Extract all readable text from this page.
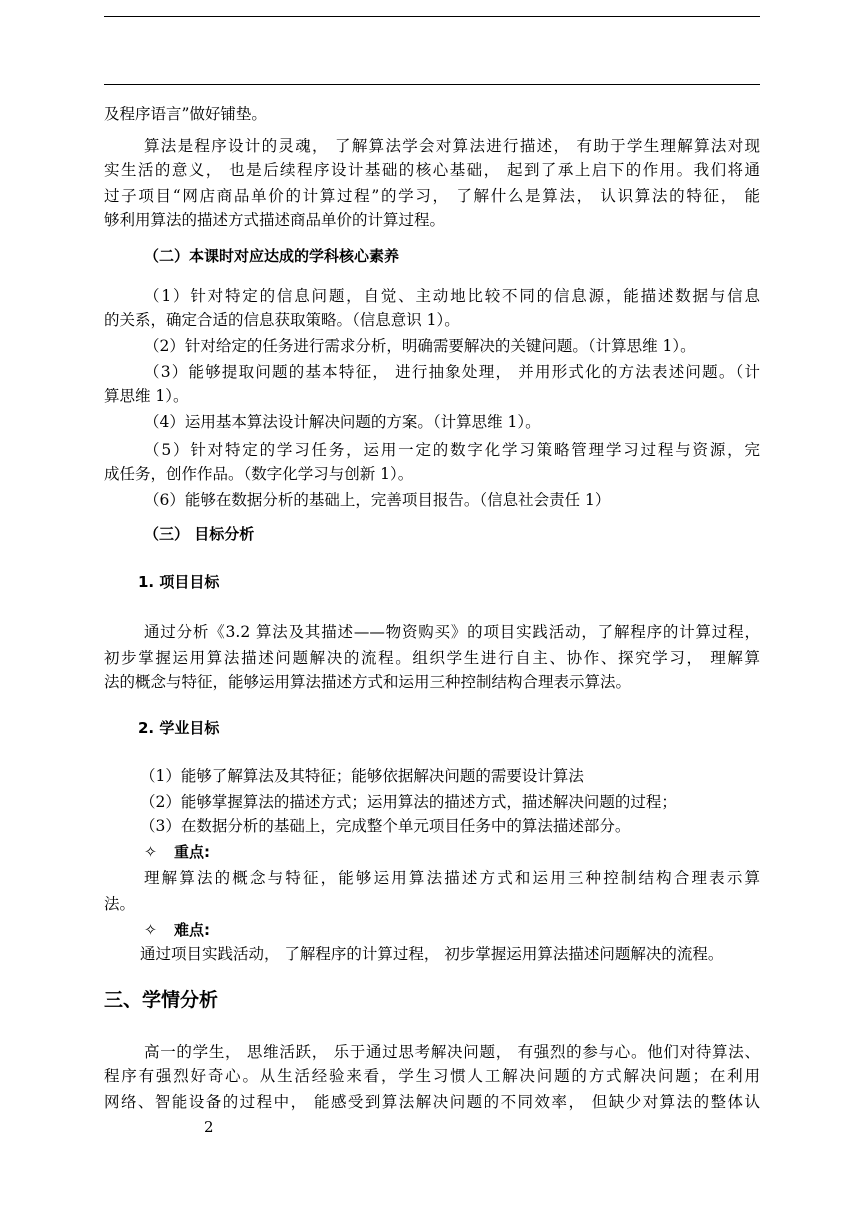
及程序语言”做好铺垫。
算法是程序设计的灵魂， 了解算法学会对算法进行描述， 有助于学生理解算法对现
实生活的意义， 也是后续程序设计基础的核心基础， 起到了承上启下的作用。我们将通
过子项目“网店商品单价的计算过程”的学习， 了解什么是算法， 认识算法的特征， 能
够利用算法的描述方式描述商品单价的计算过程。
（二）本课时对应达成的学科核心素养
（1）针对特定的信息问题，自觉、主动地比较不同的信息源，能描述数据与信息
的关系，确定合适的信息获取策略。（信息意识 1）。
（2）针对给定的任务进行需求分析，明确需要解决的关键问题。（计算思维 1）。
（3）能够提取问题的基本特征， 进行抽象处理， 并用形式化的方法表述问题。（计
算思维 1）。
（4）运用基本算法设计解决问题的方案。（计算思维 1）。
（5）针对特定的学习任务，运用一定的数字化学习策略管理学习过程与资源，完
成任务，创作作品。（数字化学习与创新 1）。
（6）能够在数据分析的基础上，完善项目报告。（信息社会责任 1）
（三） 目标分析
1. 项目目标
通过分析《3.2 算法及其描述——物资购买》的项目实践活动，了解程序的计算过程，
初步掌握运用算法描述问题解决的流程。组织学生进行自主、协作、探究学习， 理解算
法的概念与特征，能够运用算法描述方式和运用三种控制结构合理表示算法。
2. 学业目标
（1）能够了解算法及其特征；能够依据解决问题的需要设计算法
（2）能够掌握算法的描述方式；运用算法的描述方式，描述解决问题的过程；
（3）在数据分析的基础上，完成整个单元项目任务中的算法描述部分。
✧ 重点:
理解算法的概念与特征，能够运用算法描述方式和运用三种控制结构合理表示算
法。
✧ 难点:
通过项目实践活动， 了解程序的计算过程， 初步掌握运用算法描述问题解决的流程。
三、学情分析
高一的学生， 思维活跃， 乐于通过思考解决问题， 有强烈的参与心。他们对待算法、
程序有强烈好奇心。从生活经验来看，学生习惯人工解决问题的方式解决问题；在利用
网络、智能设备的过程中， 能感受到算法解决问题的不同效率， 但缺少对算法的整体认
2
